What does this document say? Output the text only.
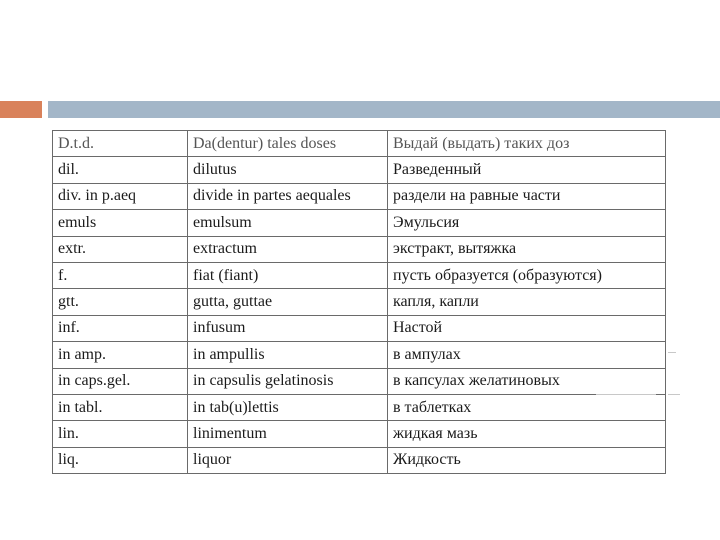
D.t.d.	Da(dentur) tales doses	Выдай (выдать) таких доз
dil.	dilutus	Разведенный
div. in p.aeq	divide in partes aequales	раздели на равные части
emuls	emulsum	Эмульсия
extr.	extractum	экстракт, вытяжка
f.	fiat (fiant)	пусть образуется (образуются)
gtt.	gutta, guttae	капля, капли
inf.	infusum	Настой
in amp.	in ampullis	в ампулах
in caps.gel.	in capsulis gelatinosis	в капсулах желатиновых
in tabl.	in tab(u)lettis	в таблетках
lin.	linimentum	жидкая мазь
liq.	liquor	Жидкость
